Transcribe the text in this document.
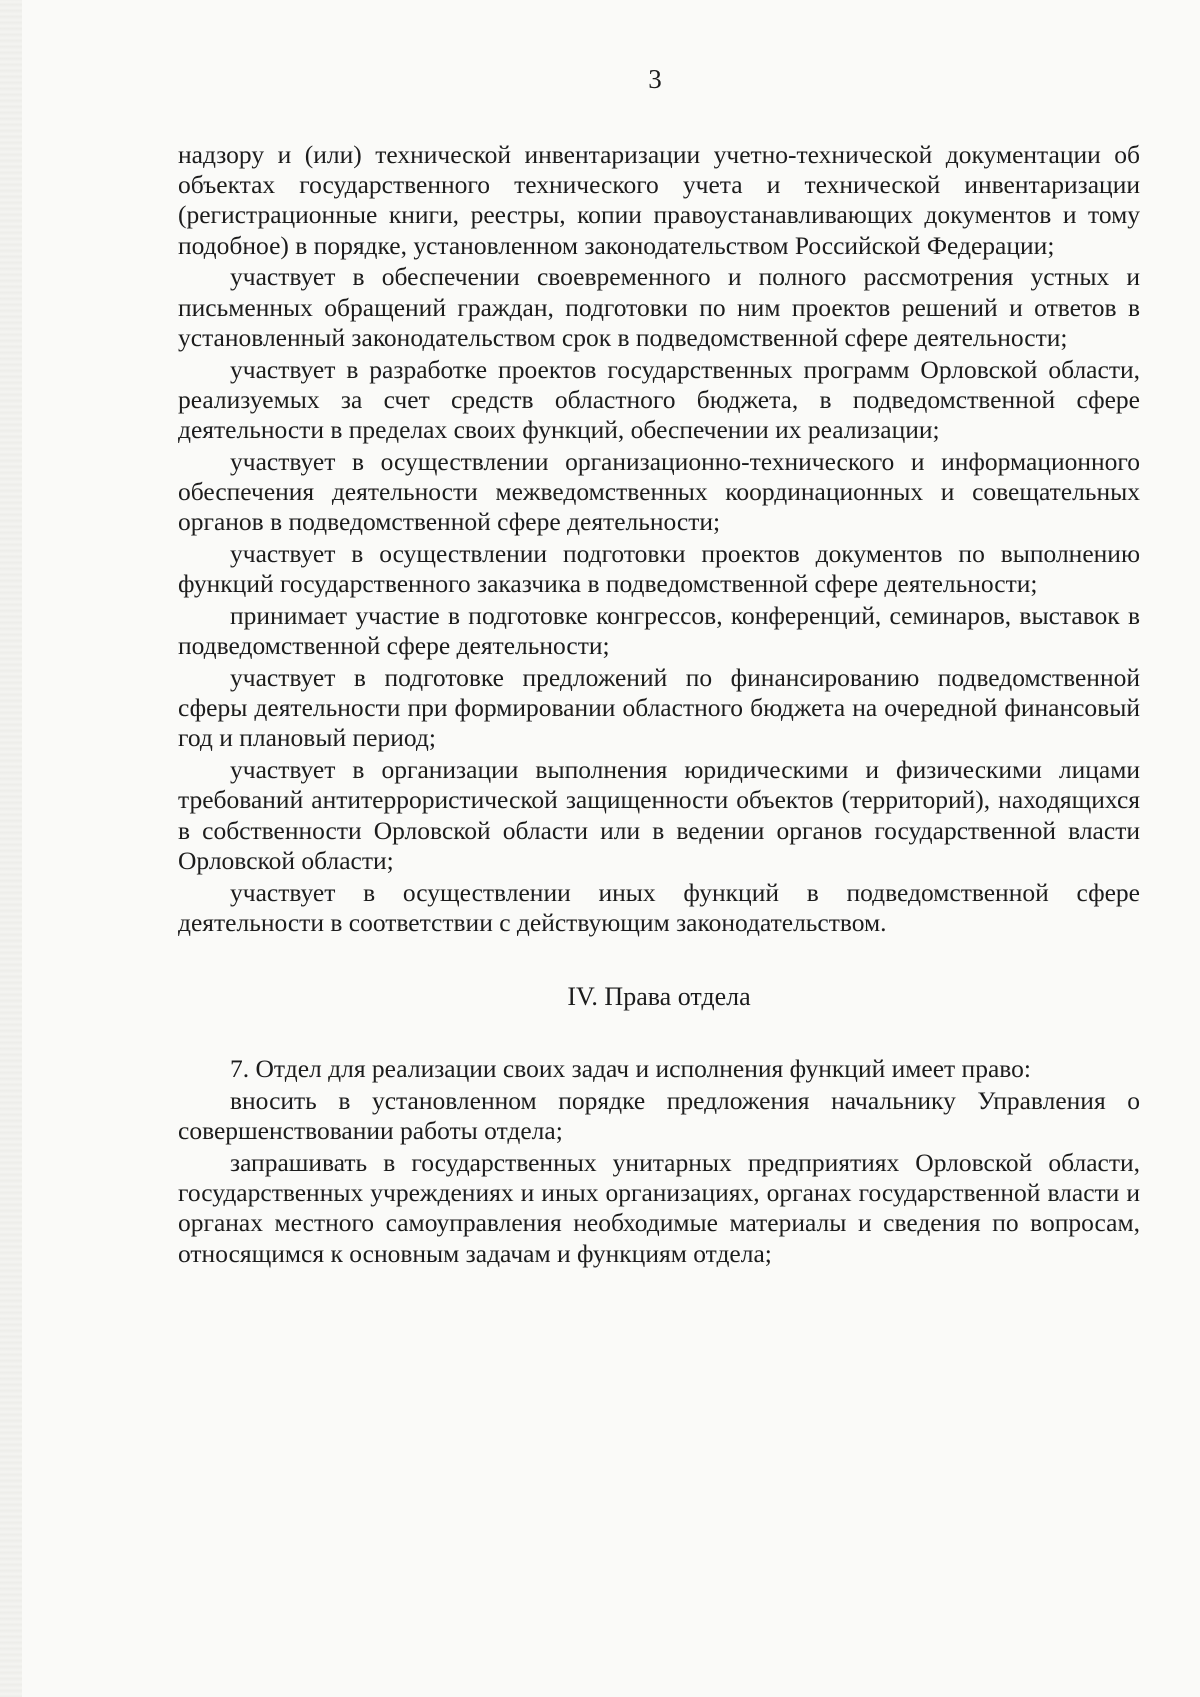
3

надзору и (или) технической инвентаризации учетно-технической документации об объектах государственного технического учета и технической инвентаризации (регистрационные книги, реестры, копии правоустанавливающих документов и тому подобное) в порядке, установленном законодательством Российской Федерации;

участвует в обеспечении своевременного и полного рассмотрения устных и письменных обращений граждан, подготовки по ним проектов решений и ответов в установленный законодательством срок в подведомственной сфере деятельности;

участвует в разработке проектов государственных программ Орловской области, реализуемых за счет средств областного бюджета, в подведомственной сфере деятельности в пределах своих функций, обеспечении их реализации;

участвует в осуществлении организационно-технического и информационного обеспечения деятельности межведомственных координационных и совещательных органов в подведомственной сфере деятельности;

участвует в осуществлении подготовки проектов документов по выполнению функций государственного заказчика в подведомственной сфере деятельности;

принимает участие в подготовке конгрессов, конференций, семинаров, выставок в подведомственной сфере деятельности;

участвует в подготовке предложений по финансированию подведомственной сферы деятельности при формировании областного бюджета на очередной финансовый год и плановый период;

участвует в организации выполнения юридическими и физическими лицами требований антитеррористической защищенности объектов (территорий), находящихся в собственности Орловской области или в ведении органов государственной власти Орловской области;

участвует в осуществлении иных функций в подведомственной сфере деятельности в соответствии с действующим законодательством.

IV. Права отдела

7. Отдел для реализации своих задач и исполнения функций имеет право:

вносить в установленном порядке предложения начальнику Управления о совершенствовании работы отдела;

запрашивать в государственных унитарных предприятиях Орловской области, государственных учреждениях и иных организациях, органах государственной власти и органах местного самоуправления необходимые материалы и сведения по вопросам, относящимся к основным задачам и функциям отдела;
